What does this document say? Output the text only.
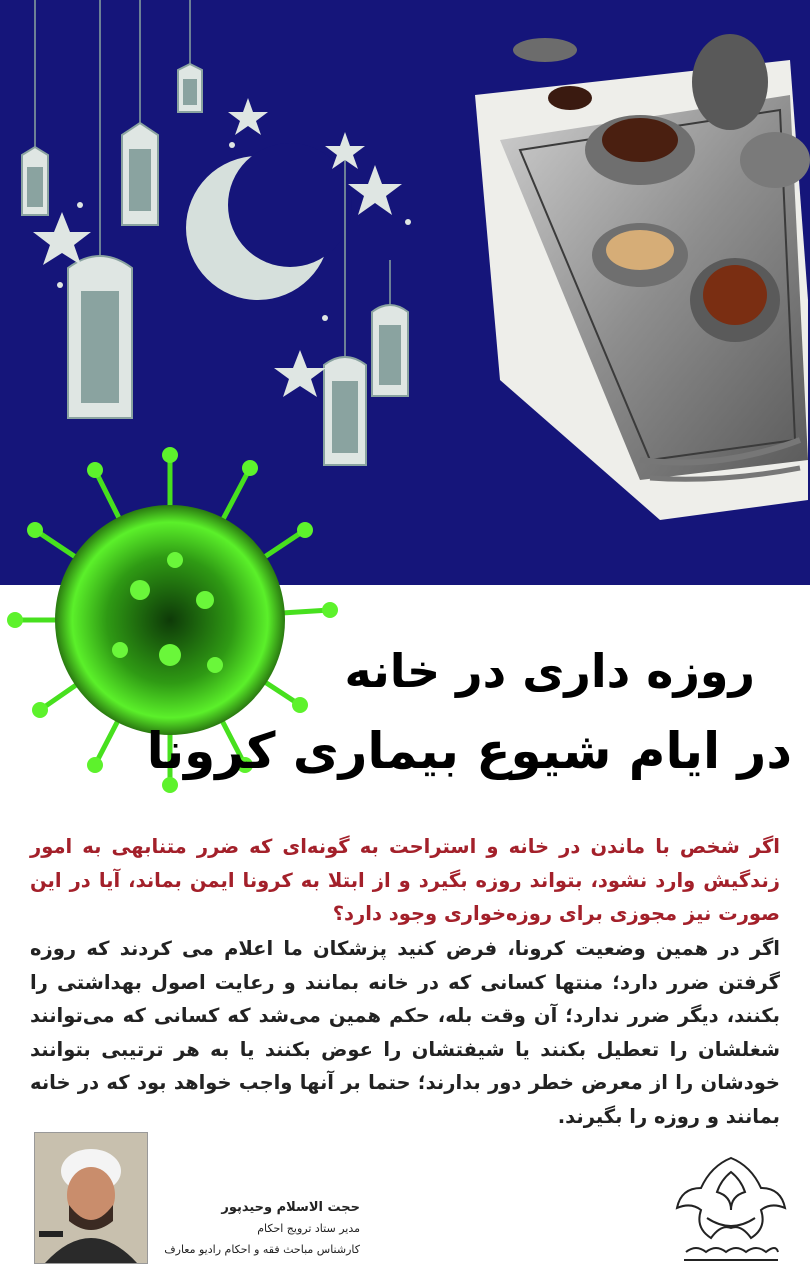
روزه داری در خانه
در ایام شیوع بیماری کرونا
اگر شخص با ماندن در خانه و استراحت به گونه‌ای که ضرر متنابهی به امور زندگیش وارد نشود، بتواند روزه بگیرد و از ابتلا به کرونا ایمن بماند، آیا در این صورت نیز مجوزی برای روزه‌خواری وجود دارد؟
اگر در همین وضعیت کرونا، فرض کنید پزشکان ما اعلام می کردند که روزه گرفتن ضرر دارد؛ منتها کسانی که در خانه بمانند و رعایت اصول بهداشتی را بکنند، دیگر ضرر ندارد؛ آن وقت بله، حکم همین می‌شد که کسانی که می‌توانند شغلشان را تعطیل بکنند یا شیفتشان را عوض بکنند یا به هر ترتیبی بتوانند خودشان را از معرض خطر دور بدارند؛ حتما بر آنها واجب خواهد بود که در خانه بمانند و روزه را بگیرند.
حجت الاسلام وحیدپور
مدیر ستاد ترویج احکام
کارشناس مباحث فقه و احکام رادیو معارف
